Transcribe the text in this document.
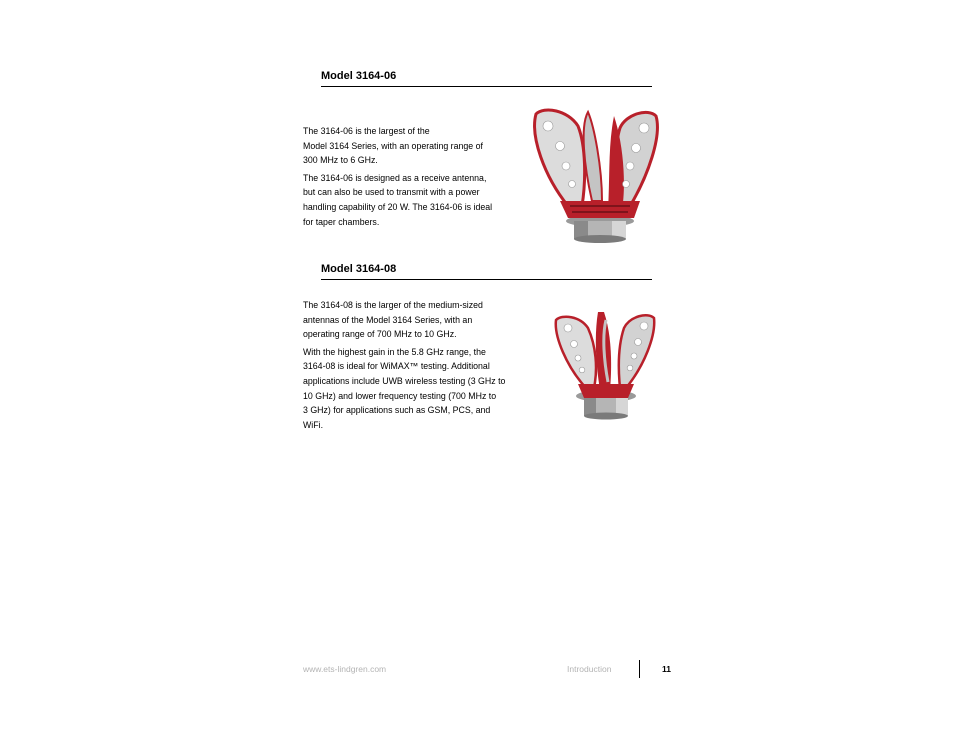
Model 3164-06

The 3164-06 is the largest of the
Model 3164 Series, with an operating range of
300 MHz to 6 GHz.

The 3164-06 is designed as a receive antenna,
but can also be used to transmit with a power
handling capability of 20 W. The 3164-06 is ideal
for taper chambers.

Model 3164-08

The 3164-08 is the larger of the medium-sized
antennas of the Model 3164 Series, with an
operating range of 700 MHz to 10 GHz.

With the highest gain in the 5.8 GHz range, the
3164-08 is ideal for WiMAX™ testing. Additional
applications include UWB wireless testing (3 GHz to
10 GHz) and lower frequency testing (700 MHz to
3 GHz) for applications such as GSM, PCS, and
WiFi.

www.ets-lindgren.com	Introduction	11
